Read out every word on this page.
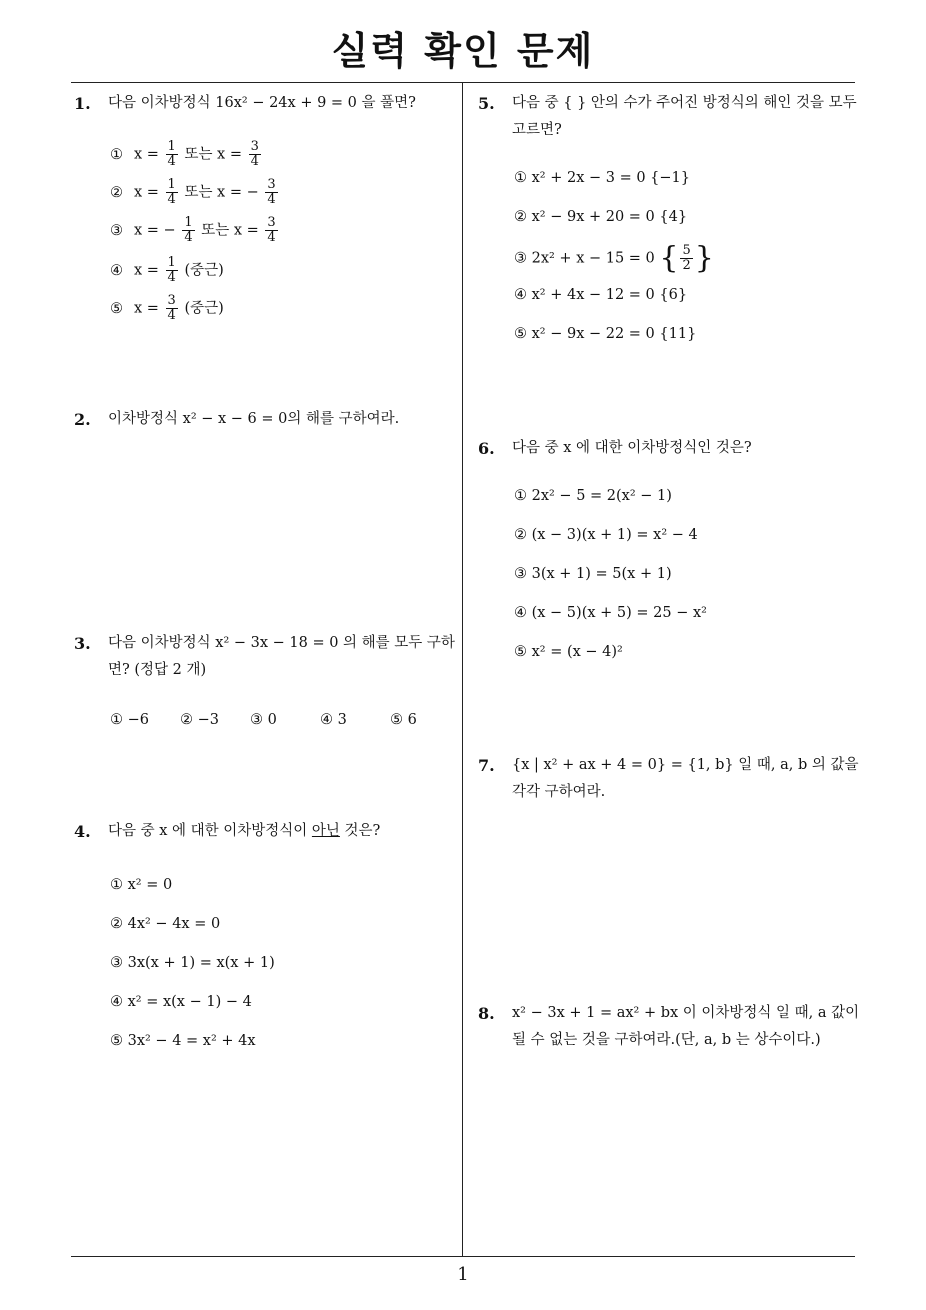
실력 확인 문제
1
1.	다음 이차방정식 16x² − 24x + 9 = 0 을 풀면?
① $x = \frac{1}{4}$ 또는 $x = \frac{3}{4}$
② $x = \frac{1}{4}$ 또는 x = − $\frac{3}{4}$
③ x = − $\frac{1}{4}$ 또는 $x = \frac{3}{4}$
④ $x = \frac{1}{4}$ (중근)
⑤ $x = \frac{3}{4}$ (중근)
2.	이차방정식 x² − x − 6 = 0의 해를 구하여라.
3.	다음 이차방정식 x² − 3x − 18 = 0 의 해를 모두 구하면? (정답 2 개)
① −6 ② −3 ③ 0	④ 3	⑤ 6
4.	다음 중 x 에 대한 이차방정식이 아닌 것은?
① x² = 0
② 4x² − 4x = 0
③ 3x(x + 1) = x(x + 1)
④ x² = x(x − 1) − 4
⑤ 3x² − 4 = x² + 4x
5.	다음 중 { } 안의 수가 주어진 방정식의 해인 것을 모두 고르면?
① x² + 2x − 3 = 0 {−1}
② x² − 9x + 20 = 0 {4}
③ 2x² + x − 15 = 0 { $\frac{5}{2}$ }
④ x² + 4x − 12 = 0 {6}
⑤ x² − 9x − 22 = 0 {11}
6.	다음 중 x 에 대한 이차방정식인 것은?
① 2x² − 5 = 2(x² − 1)
② (x − 3)(x + 1) = x² − 4
③ 3(x + 1) = 5(x + 1)
④ (x − 5)(x + 5) = 25 − x²
⑤ x² = (x − 4)²
7.	{x | x² + ax + 4 = 0} = {1, b} 일 때, a, b 의 값을 각각 구하여라.
8.	x² − 3x + 1 = ax² + bx 이 이차방정식 일 때, a 값이 될 수 없는 것을 구하여라.(단, a, b 는 상수이다.)
